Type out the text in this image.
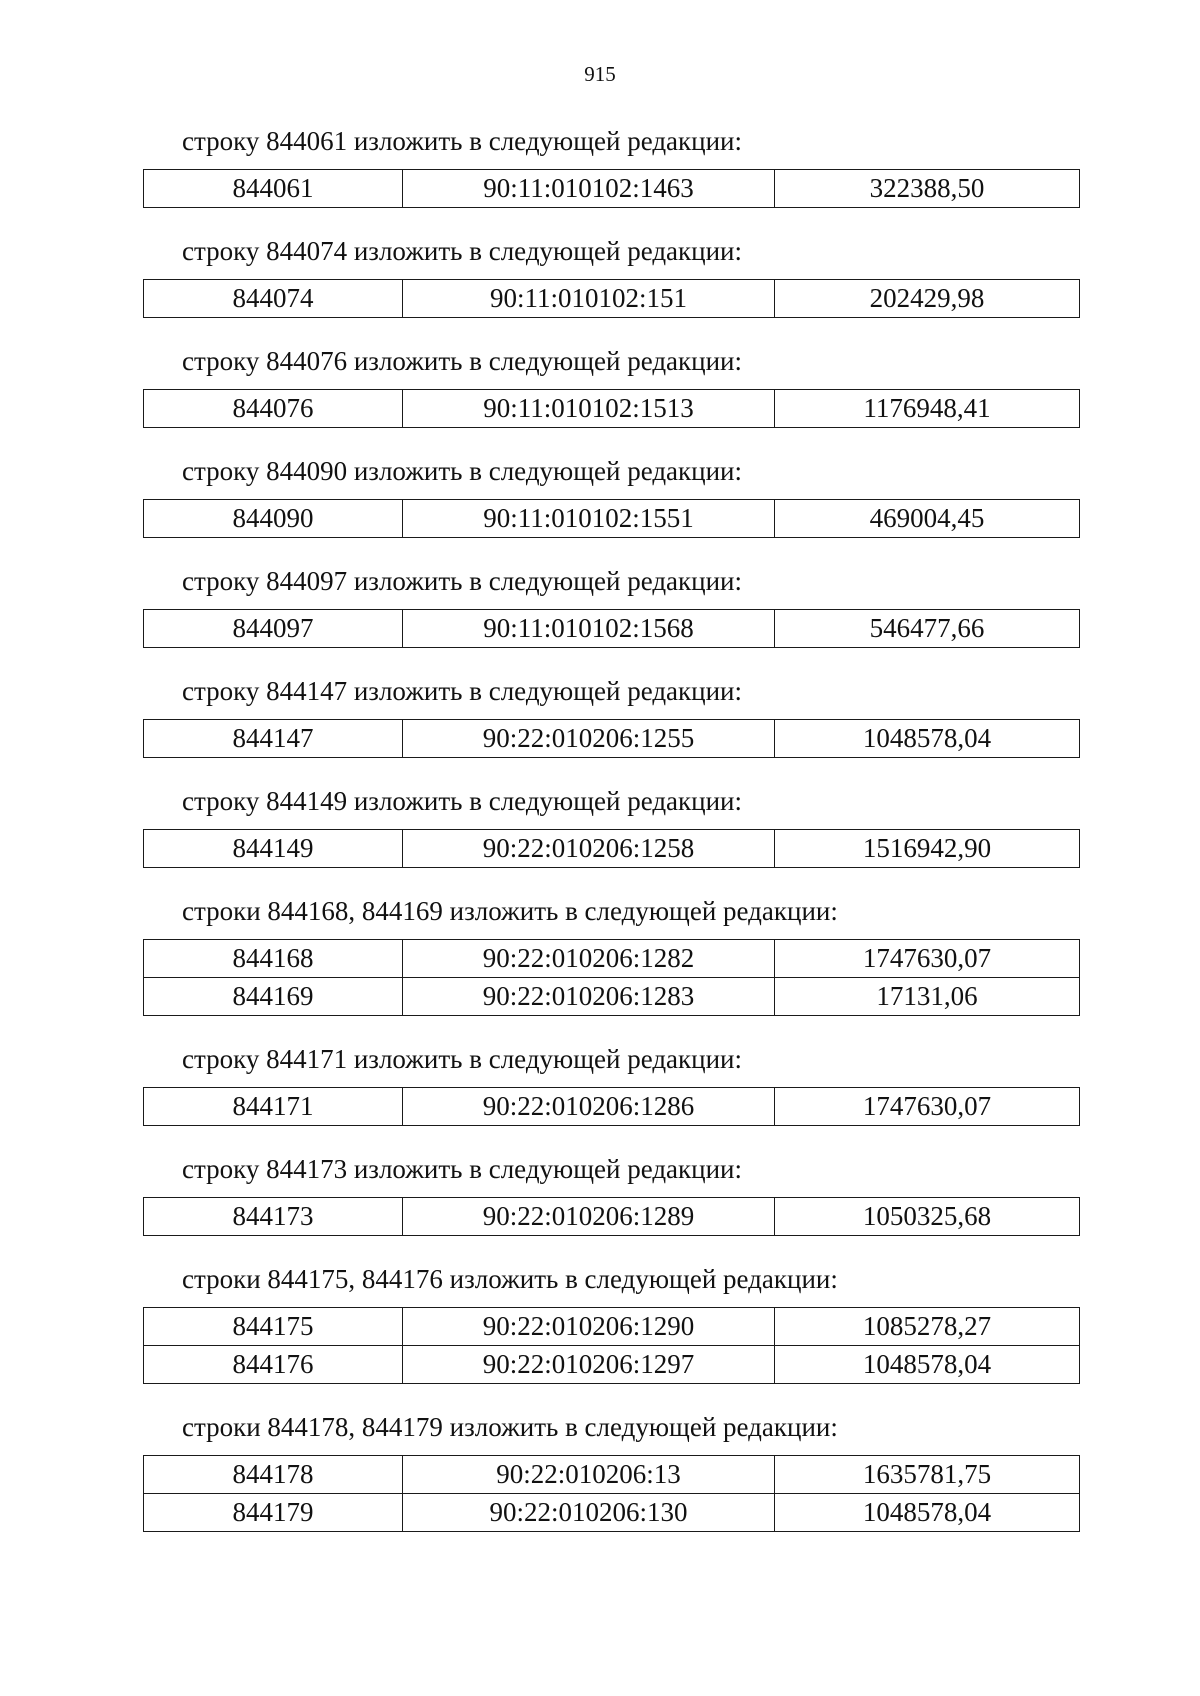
915
строку 844061 изложить в следующей редакции:
844061	90:11:010102:1463	322388,50
строку 844074 изложить в следующей редакции:
844074	90:11:010102:151	202429,98
строку 844076 изложить в следующей редакции:
844076	90:11:010102:1513	1176948,41
строку 844090 изложить в следующей редакции:
844090	90:11:010102:1551	469004,45
строку 844097 изложить в следующей редакции:
844097	90:11:010102:1568	546477,66
строку 844147 изложить в следующей редакции:
844147	90:22:010206:1255	1048578,04
строку 844149 изложить в следующей редакции:
844149	90:22:010206:1258	1516942,90
строки 844168, 844169 изложить в следующей редакции:
844168	90:22:010206:1282	1747630,07
844169	90:22:010206:1283	17131,06
строку 844171 изложить в следующей редакции:
844171	90:22:010206:1286	1747630,07
строку 844173 изложить в следующей редакции:
844173	90:22:010206:1289	1050325,68
строки 844175, 844176 изложить в следующей редакции:
844175	90:22:010206:1290	1085278,27
844176	90:22:010206:1297	1048578,04
строки 844178, 844179 изложить в следующей редакции:
844178	90:22:010206:13	1635781,75
844179	90:22:010206:130	1048578,04
